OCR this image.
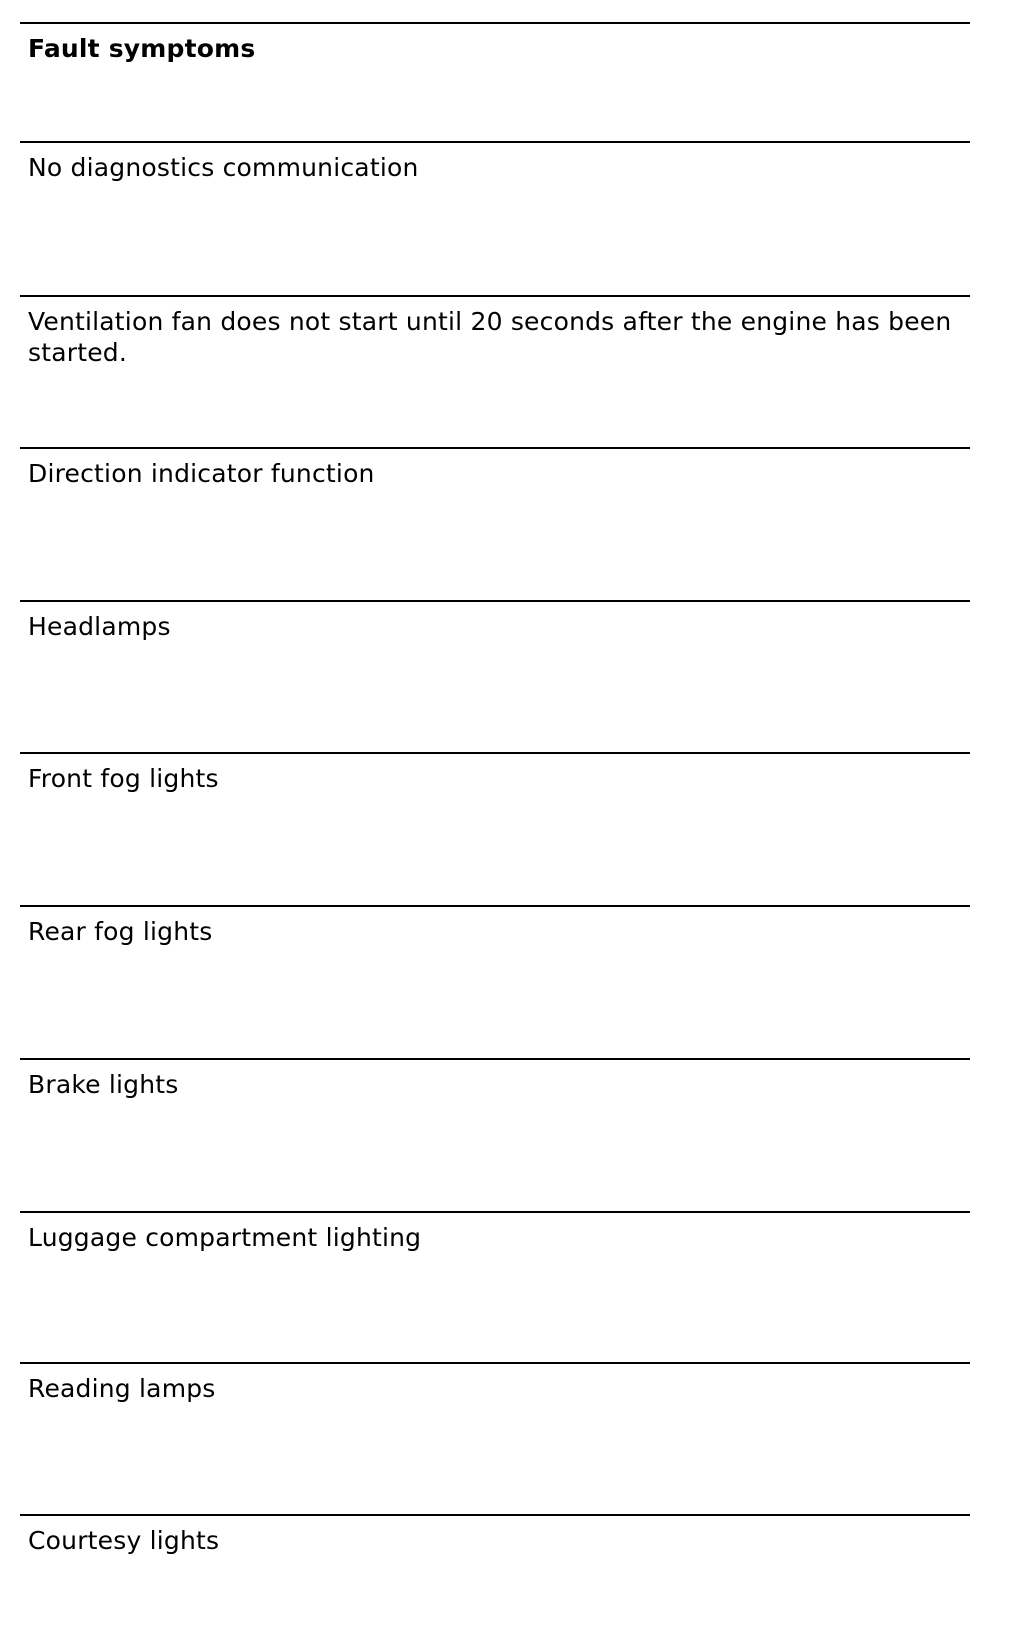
Fault symptoms
No diagnostics communication
Ventilation fan does not start until 20 seconds after the engine has been started.
Direction indicator function
Headlamps
Front fog lights
Rear fog lights
Brake lights
Luggage compartment lighting
Reading lamps
Courtesy lights
